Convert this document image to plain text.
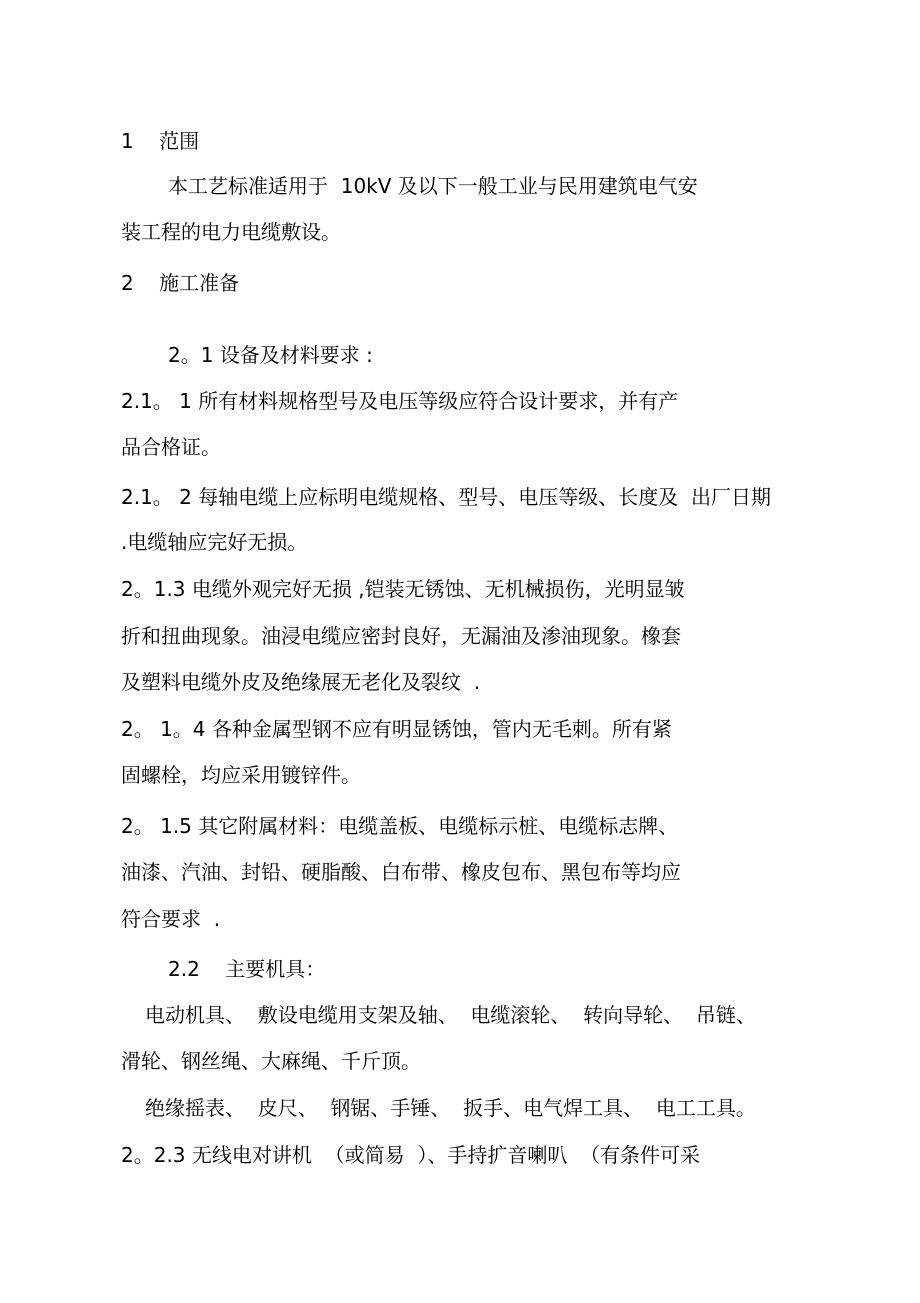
1    范围

本工艺标准适用于  10kV 及以下一般工业与民用建筑电气安

装工程的电力电缆敷设。

2    施工准备

2。1 设备及材料要求 :

2.1。 1 所有材料规格型号及电压等级应符合设计要求，并有产

品合格证。

2.1。 2 每轴电缆上应标明电缆规格、型号、电压等级、长度及  出厂日期

.电缆轴应完好无损。

2。1.3 电缆外观完好无损 ,铠装无锈蚀、无机械损伤，光明显皱

折和扭曲现象。油浸电缆应密封良好，无漏油及渗油现象。橡套

及塑料电缆外皮及绝缘展无老化及裂纹  .

2。 1。4 各种金属型钢不应有明显锈蚀，管内无毛刺。所有紧

固螺栓，均应采用镀锌件。

2。 1.5 其它附属材料：电缆盖板、电缆标示桩、电缆标志牌、

油漆、汽油、封铅、硬脂酸、白布带、橡皮包布、黑包布等均应

符合要求  .

2.2    主要机具：

电动机具、  敷设电缆用支架及轴、  电缆滚轮、  转向导轮、  吊链、

滑轮、钢丝绳、大麻绳、千斤顶。

绝缘摇表、  皮尺、  钢锯、手锤、  扳手、电气焊工具、  电工工具。

2。2.3 无线电对讲机  （或简易  ）、手持扩音喇叭  （有条件可采
